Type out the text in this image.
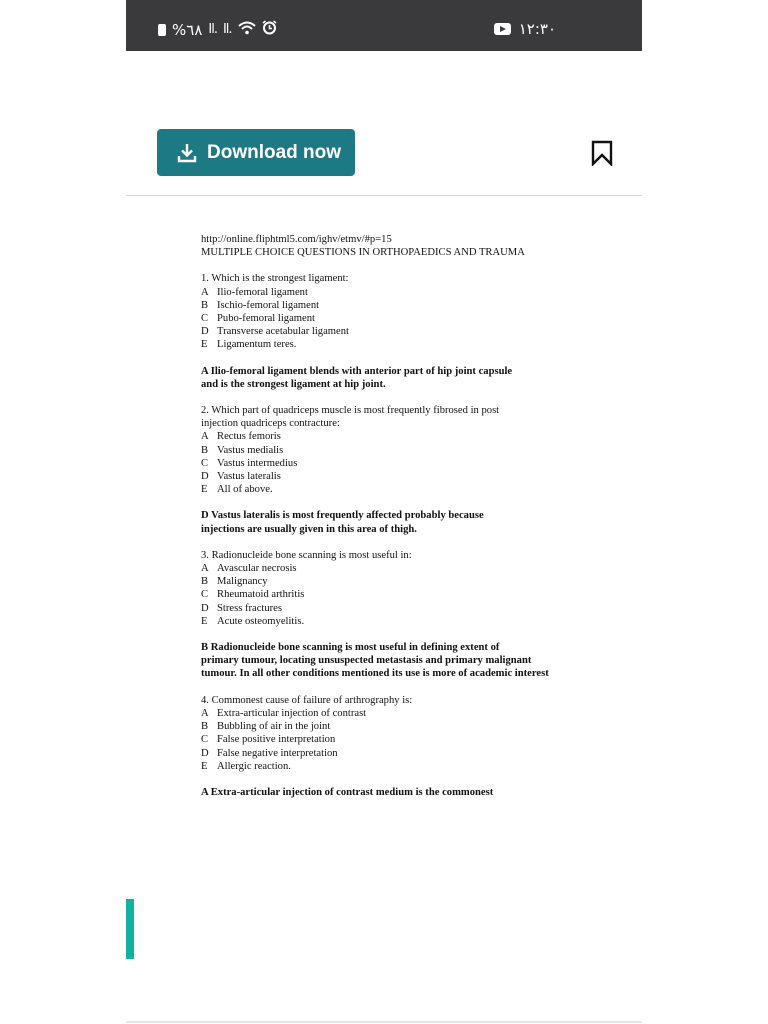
%٦٨ Il. Il.	١٢:٣٠
Download now
http://online.fliphtml5.com/ighv/etmv/#p=15
MULTIPLE CHOICE QUESTIONS IN ORTHOPAEDICS AND TRAUMA
1. Which is the strongest ligament:
A Ilio-femoral ligament
B Ischio-femoral ligament
C Pubo-femoral ligament
D Transverse acetabular ligament
E Ligamentum teres.
A Ilio-femoral ligament blends with anterior part of hip joint capsule
and is the strongest ligament at hip joint.
2. Which part of quadriceps muscle is most frequently fibrosed in post
injection quadriceps contracture:
A Rectus femoris
B Vastus medialis
C Vastus intermedius
D Vastus lateralis
E All of above.
D Vastus lateralis is most frequently affected probably because
injections are usually given in this area of thigh.
3. Radionucleide bone scanning is most useful in:
A Avascular necrosis
B Malignancy
C Rheumatoid arthritis
D Stress fractures
E Acute osteomyelitis.
B Radionucleide bone scanning is most useful in defining extent of
primary tumour, locating unsuspected metastasis and primary malignant
tumour. In all other conditions mentioned its use is more of academic interest
4. Commonest cause of failure of arthrography is:
A Extra-articular injection of contrast
B Bubbling of air in the joint
C False positive interpretation
D False negative interpretation
E Allergic reaction.
A Extra-articular injection of contrast medium is the commonest
